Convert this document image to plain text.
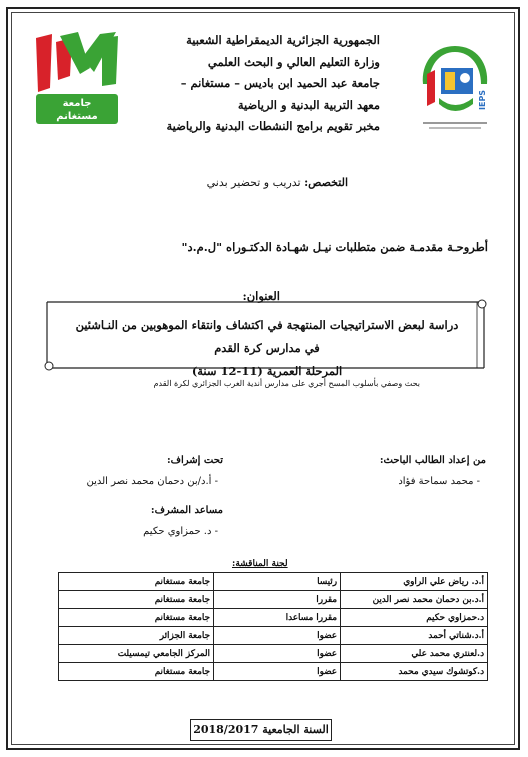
جامعة
مستغانم
IEPS
الجمهورية الجزائرية الديمقراطية الشعبية
وزارة التعليم العالي و البحث العلمي
جامعة عبد الحميد ابن باديس – مستغانم –
معهد التربية البدنية و الرياضية
مخبر تقويم برامج النشطات البدنية والرياضية
التخصص: تدريب و تحضير بدني
أطروحـة مقدمـة ضمن متطلبات نيـل شهـادة الدكتـوراه "ل.م.د"
العنوان:
دراسة لبعض الاستراتيجيات المنتهجة في اكتشاف وانتقاء الموهوبين من النـاشئين
في مدارس كرة القدم
المرحلة العمرية (11-12 سنة)
بحث وصفي بأسلوب المسح أجري على مدارس أندية الغرب الجزائري لكرة القدم
من إعداد الطالب الباحث:
- محمد سماحة فؤاد
تحت إشراف:
- أ.د/بن دحمان محمد نصر الدين
مساعد المشرف:
- د. حمزاوي حكيم
لجنة المناقشة:
أ.د. رياض علي الراوي	رئيسا	جامعة مستغانم
أ.د.بن دحمان محمد نصر الدين	مقررا	جامعة مستغانم
د.حمزاوي حكيم	مقررا مساعدا	جامعة مستغانم
أ.د.شناتي أحمد	عضوا	جامعة الجزائر
د.لعنتري محمد علي	عضوا	المركز الجامعي تيمسيلت
د.كوتشوك سيدي محمد	عضوا	جامعة مستغانم
السنة الجامعية 2018/2017
